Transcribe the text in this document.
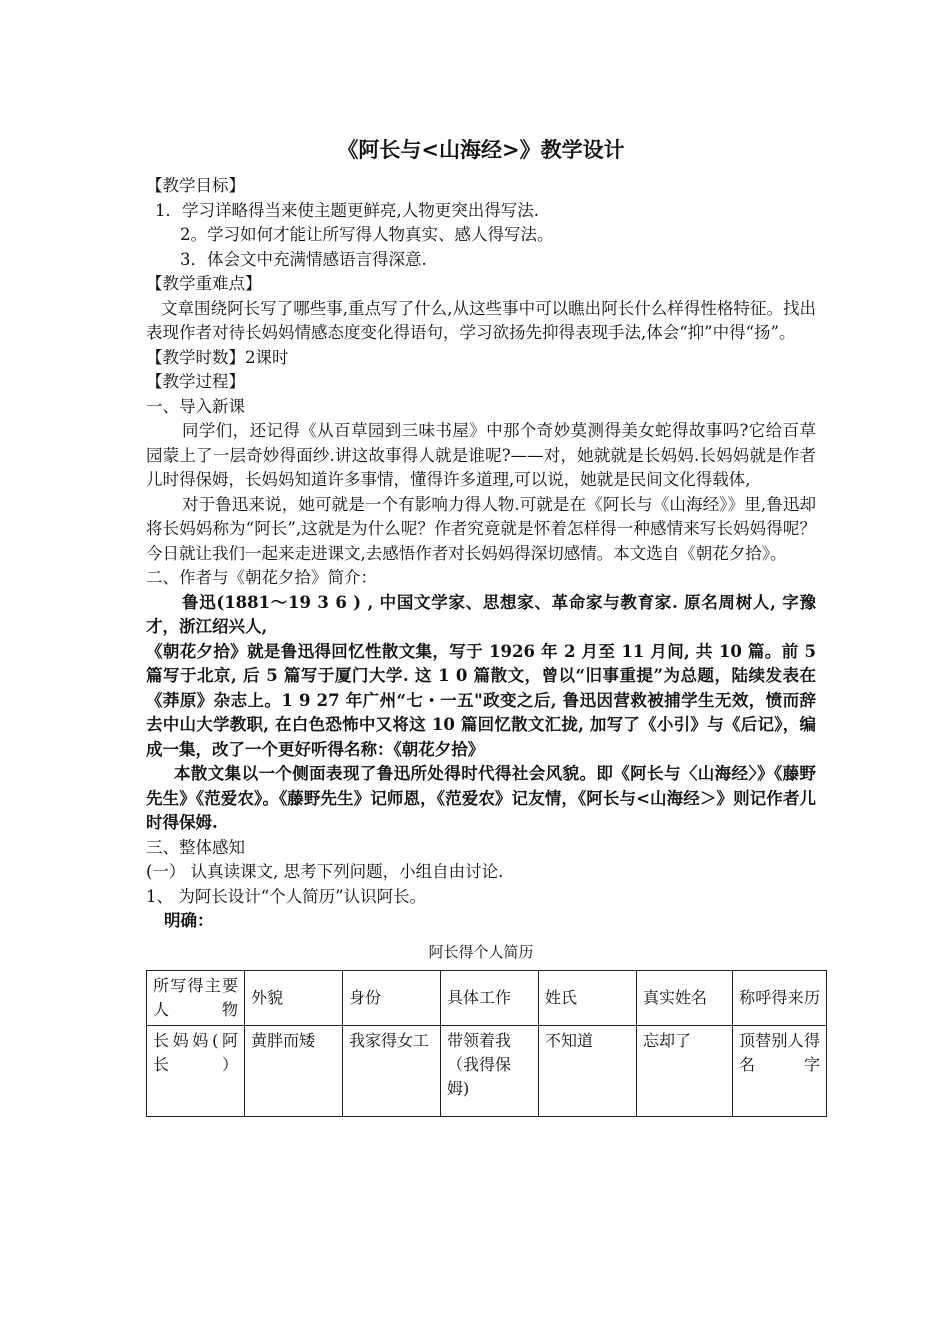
《阿长与<山海经>》教学设计

【教学目标】

1．学习详略得当来使主题更鲜亮,人物更突出得写法.

2。学习如何才能让所写得人物真实、感人得写法。

3．体会文中充满情感语言得深意.

【教学重难点】

文章围绕阿长写了哪些事,重点写了什么,从这些事中可以瞧出阿长什么样得性格特征。找出表现作者对待长妈妈情感态度变化得语句，学习欲扬先抑得表现手法,体会“抑”中得“扬”。

【教学时数】2课时

【教学过程】

一、导入新课

同学们，还记得《从百草园到三味书屋》中那个奇妙莫测得美女蛇得故事吗?它给百草园蒙上了一层奇妙得面纱.讲这故事得人就是谁呢?——对，她就就是长妈妈.长妈妈就是作者儿时得保姆，长妈妈知道许多事情，懂得许多道理,可以说，她就是民间文化得载体,

对于鲁迅来说，她可就是一个有影响力得人物.可就是在《阿长与《山海经》》里,鲁迅却将长妈妈称为“阿长”,这就是为什么呢？作者究竟就是怀着怎样得一种感情来写长妈妈得呢？今日就让我们一起来走进课文,去感悟作者对长妈妈得深切感情。本文选自《朝花夕拾》。

二、作者与《朝花夕拾》简介：

鲁迅(1881～19 3 6 ) , 中国文学家、思想家、革命家与教育家. 原名周树人, 字豫才，浙江绍兴人,

《朝花夕拾》就是鲁迅得回忆性散文集，写于 1926 年 2 月至 11 月间, 共 10 篇。前 5 篇写于北京, 后 5 篇写于厦门大学. 这 1 0 篇散文，曾以“旧事重提”为总题，陆续发表在《莽原》杂志上。1 9 27 年广州“七・一五"政变之后, 鲁迅因营救被捕学生无效，愤而辞去中山大学教职, 在白色恐怖中又将这 10 篇回忆散文汇拢, 加写了《小引》与《后记》，编成一集，改了一个更好听得名称：《朝花夕拾》

本散文集以一个侧面表现了鲁迅所处得时代得社会风貌。即《阿长与〈山海经〉》《藤野先生》《范爱农》。《藤野先生》记师恩，《范爱农》记友情，《阿长与<山海经＞》则记作者儿时得保姆.

三、整体感知

(一） 认真读课文, 思考下列问题，小组自由讨论.

1、 为阿长设计“个人简历”认识阿长。

明确：

阿长得个人简历
所写得主要人物	外貌	身份	具体工作	姓氏	真实姓名	称呼得来历
长妈妈(阿长）	黄胖而矮	我家得女工	带领着我（我得保姆)	不知道	忘却了	顶替别人得名字
